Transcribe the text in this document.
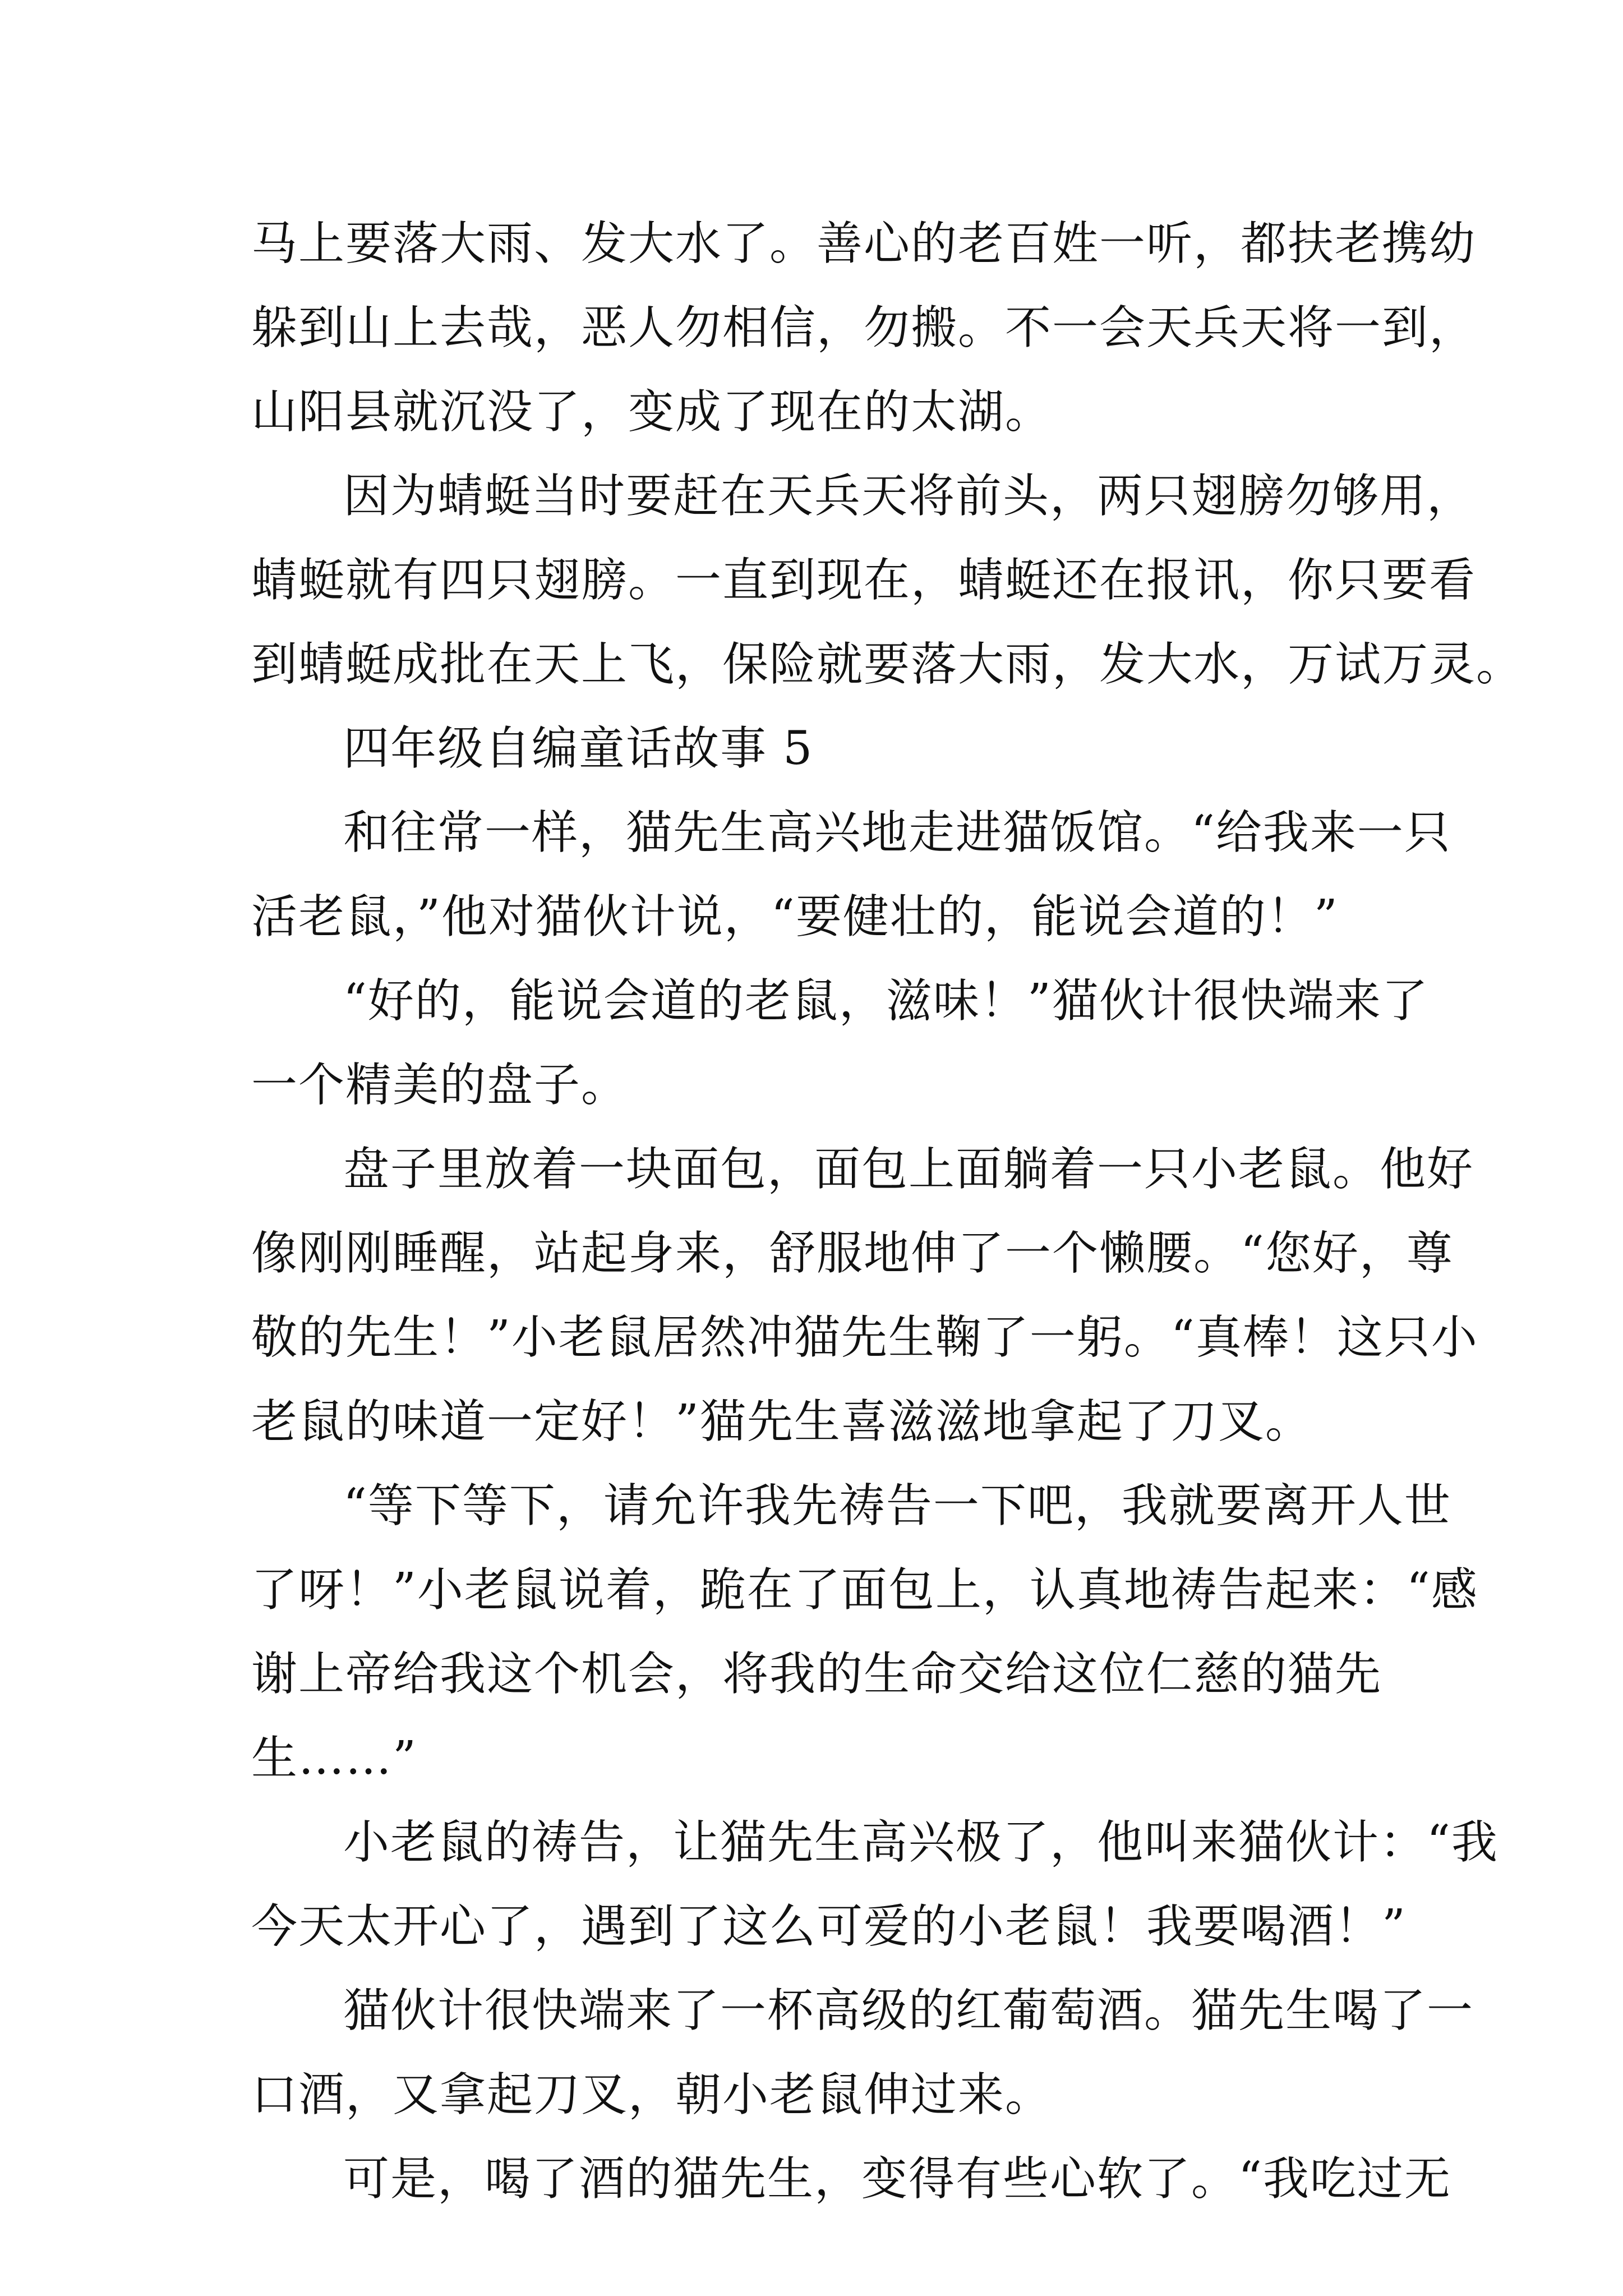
马上要落大雨、发大水了。善心的老百姓一听，都扶老携幼
躲到山上去哉，恶人勿相信，勿搬。不一会天兵天将一到，
山阳县就沉没了，变成了现在的太湖。
因为蜻蜓当时要赶在天兵天将前头，两只翅膀勿够用，
蜻蜓就有四只翅膀。一直到现在，蜻蜓还在报讯，你只要看
到蜻蜓成批在天上飞，保险就要落大雨，发大水，万试万灵。
四年级自编童话故事 5
和往常一样，猫先生高兴地走进猫饭馆。“给我来一只
活老鼠，”他对猫伙计说，“要健壮的，能说会道的！”
“好的，能说会道的老鼠，滋味！”猫伙计很快端来了
一个精美的盘子。
盘子里放着一块面包，面包上面躺着一只小老鼠。他好
像刚刚睡醒，站起身来，舒服地伸了一个懒腰。“您好，尊
敬的先生！”小老鼠居然冲猫先生鞠了一躬。“真棒！这只小
老鼠的味道一定好！”猫先生喜滋滋地拿起了刀叉。
“等下等下，请允许我先祷告一下吧，我就要离开人世
了呀！”小老鼠说着，跪在了面包上，认真地祷告起来：“感
谢上帝给我这个机会，将我的生命交给这位仁慈的猫先
生……”
小老鼠的祷告，让猫先生高兴极了，他叫来猫伙计：“我
今天太开心了，遇到了这么可爱的小老鼠！我要喝酒！”
猫伙计很快端来了一杯高级的红葡萄酒。猫先生喝了一
口酒，又拿起刀叉，朝小老鼠伸过来。
可是，喝了酒的猫先生，变得有些心软了。“我吃过无
